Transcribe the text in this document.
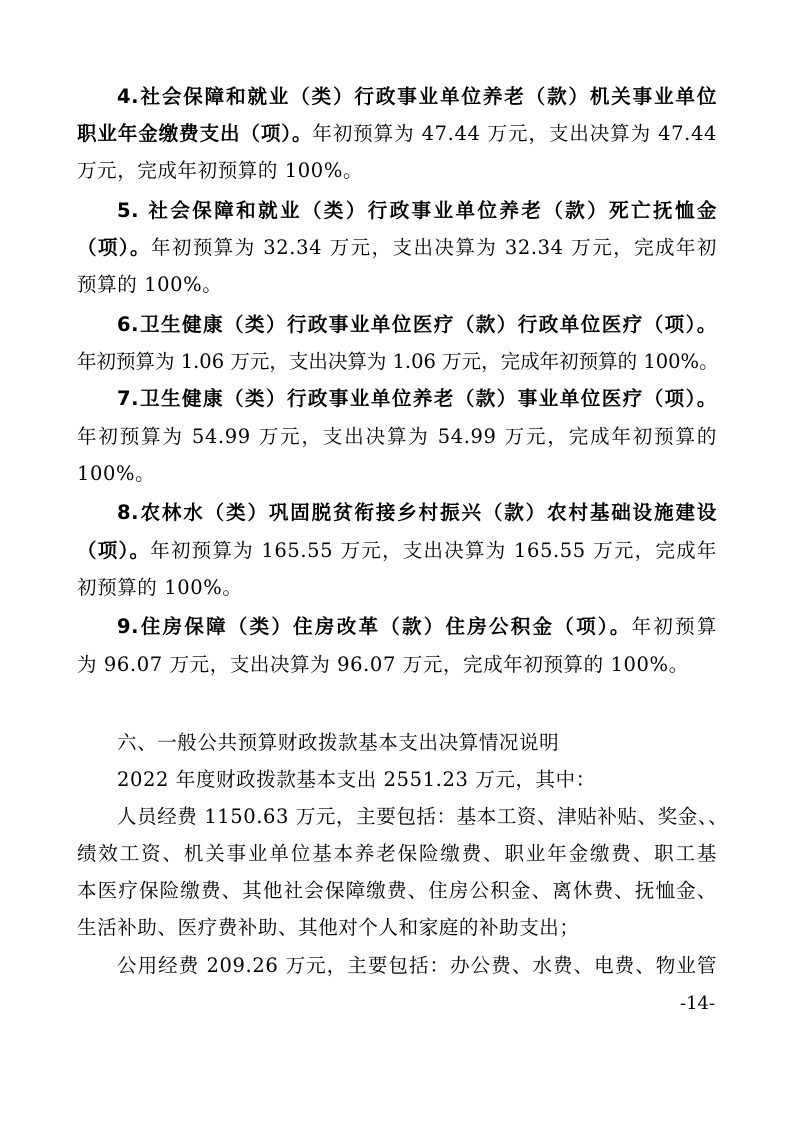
4.社会保障和就业（类）行政事业单位养老（款）机关事业单位
职业年金缴费支出（项）。年初预算为 47.44 万元，支出决算为 47.44
万元，完成年初预算的 100%。
5. 社会保障和就业（类）行政事业单位养老（款）死亡抚恤金
（项）。年初预算为 32.34 万元，支出决算为 32.34 万元，完成年初
预算的 100%。
6.卫生健康（类）行政事业单位医疗（款）行政单位医疗（项）。
年初预算为 1.06 万元，支出决算为 1.06 万元，完成年初预算的 100%。
7.卫生健康（类）行政事业单位养老（款）事业单位医疗（项）。
年初预算为 54.99 万元，支出决算为 54.99 万元，完成年初预算的
100%。
8.农林水（类）巩固脱贫衔接乡村振兴（款）农村基础设施建设
（项）。年初预算为 165.55 万元，支出决算为 165.55 万元，完成年
初预算的 100%。
9.住房保障（类）住房改革（款）住房公积金（项）。年初预算
为 96.07 万元，支出决算为 96.07 万元，完成年初预算的 100%。
六、一般公共预算财政拨款基本支出决算情况说明
2022 年度财政拨款基本支出 2551.23 万元，其中：
人员经费 1150.63 万元，主要包括：基本工资、津贴补贴、奖金、、
绩效工资、机关事业单位基本养老保险缴费、职业年金缴费、职工基
本医疗保险缴费、其他社会保障缴费、住房公积金、离休费、抚恤金、
生活补助、医疗费补助、其他对个人和家庭的补助支出；
公用经费 209.26 万元，主要包括：办公费、水费、电费、物业管
-14-
